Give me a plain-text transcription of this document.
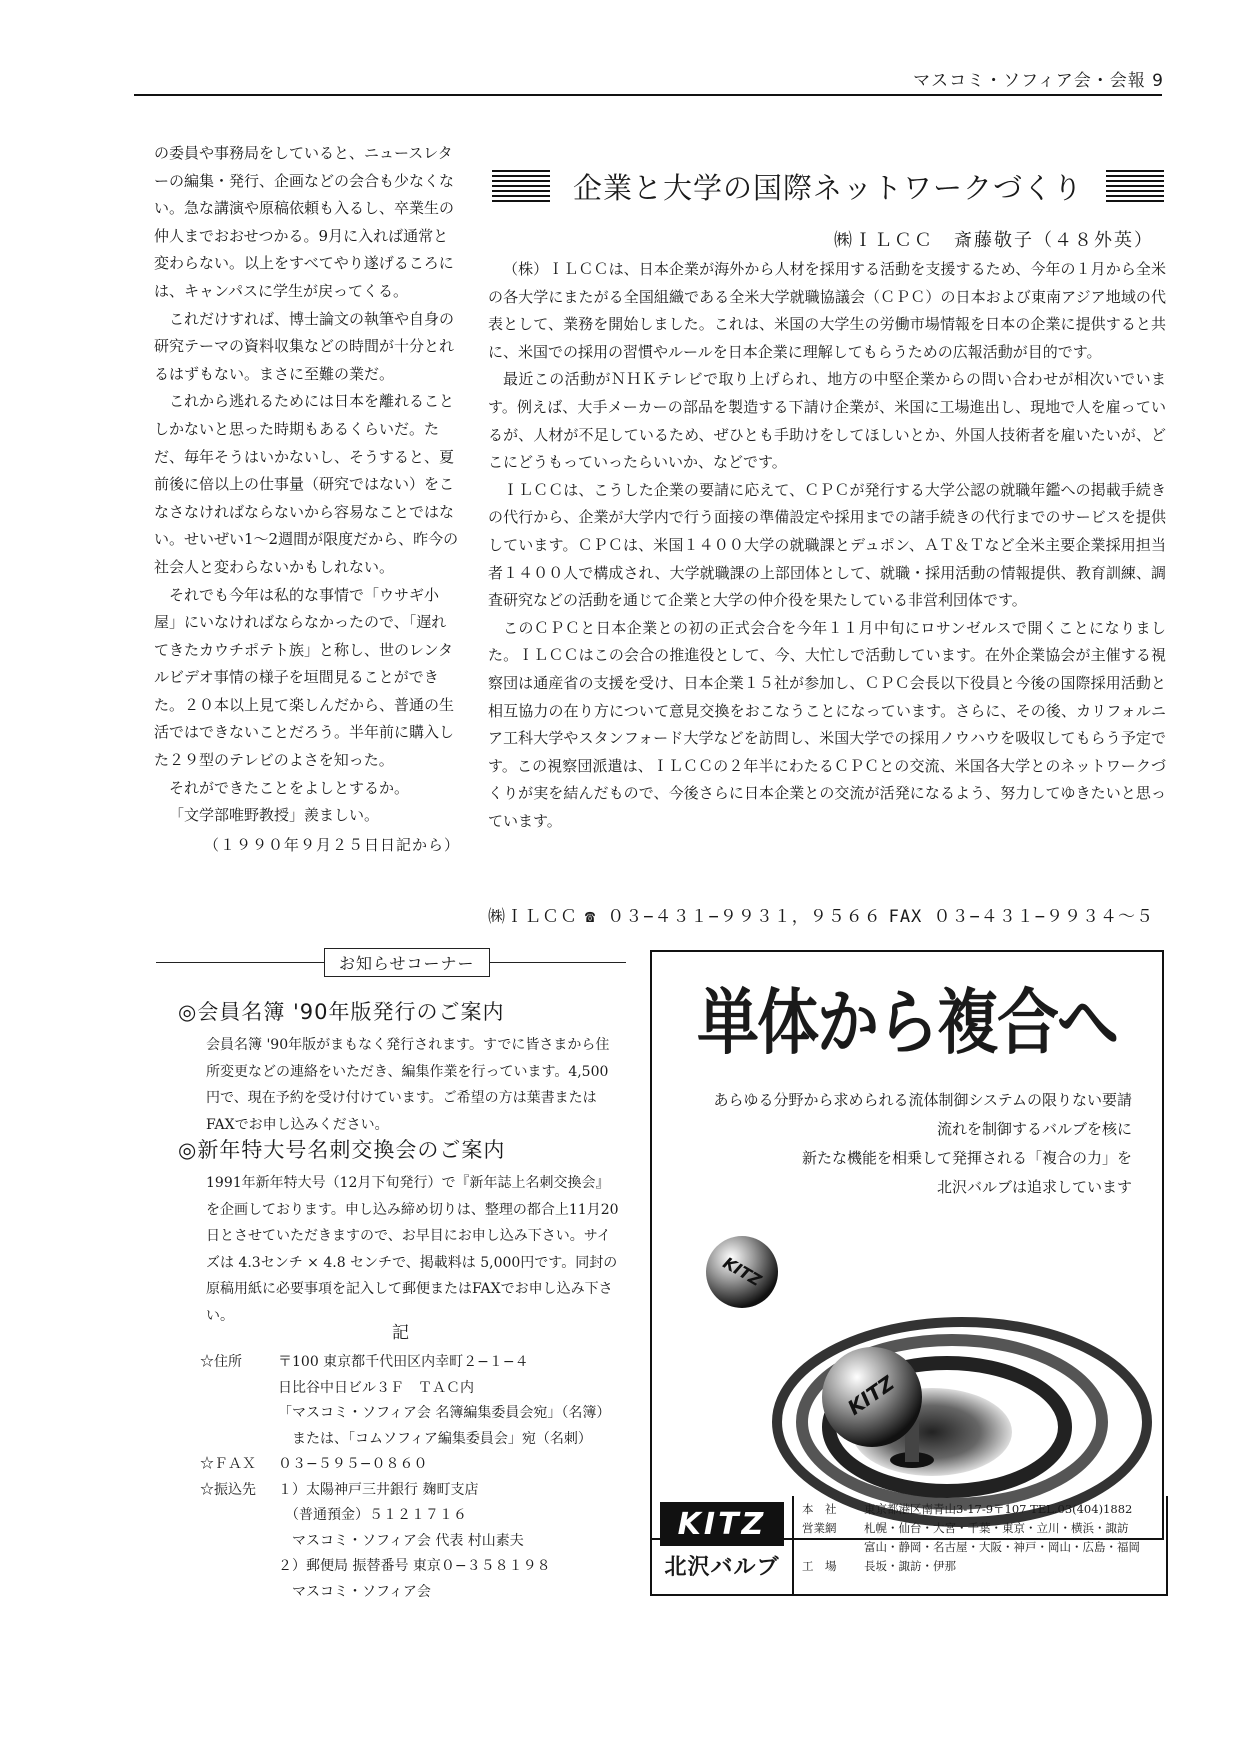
マスコミ・ソフィア会・会報 9

の委員や事務局をしていると、ニュースレターの編集・発行、企画などの会合も少なくない。急な講演や原稿依頼も入るし、卒業生の仲人までおおせつかる。9月に入れば通常と変わらない。以上をすべてやり遂げるころには、キャンパスに学生が戻ってくる。

これだけすれば、博士論文の執筆や自身の研究テーマの資料収集などの時間が十分とれるはずもない。まさに至難の業だ。

これから逃れるためには日本を離れることしかないと思った時期もあるくらいだ。ただ、毎年そうはいかないし、そうすると、夏前後に倍以上の仕事量（研究ではない）をこなさなければならないから容易なことではない。せいぜい1〜2週間が限度だから、昨今の社会人と変わらないかもしれない。

それでも今年は私的な事情で「ウサギ小屋」にいなければならなかったので、「遅れてきたカウチポテト族」と称し、世のレンタルビデオ事情の様子を垣間見ることができた。２０本以上見て楽しんだから、普通の生活ではできないことだろう。半年前に購入した２９型のテレビのよさを知った。

それができたことをよしとするか。

「文学部唯野教授」羨ましい。

（１９９０年９月２５日日記から）
企業と大学の国際ネットワークづくり
㈱ＩＬＣＣ　斎藤敬子（４８外英）

（株）ＩＬＣＣは、日本企業が海外から人材を採用する活動を支援するため、今年の１月から全米の各大学にまたがる全国組織である全米大学就職協議会（ＣＰＣ）の日本および東南アジア地域の代表として、業務を開始しました。これは、米国の大学生の労働市場情報を日本の企業に提供すると共に、米国での採用の習慣やルールを日本企業に理解してもらうための広報活動が目的です。

最近この活動がＮＨＫテレビで取り上げられ、地方の中堅企業からの問い合わせが相次いでいます。例えば、大手メーカーの部品を製造する下請け企業が、米国に工場進出し、現地で人を雇っているが、人材が不足しているため、ぜひとも手助けをしてほしいとか、外国人技術者を雇いたいが、どこにどうもっていったらいいか、などです。

ＩＬＣＣは、こうした企業の要請に応えて、ＣＰＣが発行する大学公認の就職年鑑への掲載手続きの代行から、企業が大学内で行う面接の準備設定や採用までの諸手続きの代行までのサービスを提供しています。ＣＰＣは、米国１４００大学の就職課とデュポン、ＡＴ＆Ｔなど全米主要企業採用担当者１４００人で構成され、大学就職課の上部団体として、就職・採用活動の情報提供、教育訓練、調査研究などの活動を通じて企業と大学の仲介役を果たしている非営利団体です。

このＣＰＣと日本企業との初の正式会合を今年１１月中旬にロサンゼルスで開くことになりました。ＩＬＣＣはこの会合の推進役として、今、大忙しで活動しています。在外企業協会が主催する視察団は通産省の支援を受け、日本企業１５社が参加し、ＣＰＣ会長以下役員と今後の国際採用活動と相互協力の在り方について意見交換をおこなうことになっています。さらに、その後、カリフォルニア工科大学やスタンフォード大学などを訪問し、米国大学での採用ノウハウを吸収してもらう予定です。この視察団派遣は、ＩＬＣＣの２年半にわたるＣＰＣとの交流、米国各大学とのネットワークづくりが実を結んだもので、今後さらに日本企業との交流が活発になるよう、努力してゆきたいと思っています。

㈱ＩＬＣＣ ☎ ０３−４３１−９９３１，９５６６ FAX ０３−４３１−９９３４〜５
お知らせコーナー
◎会員名簿 '90年版発行のご案内
会員名簿 '90年版がまもなく発行されます。すでに皆さまから住所変更などの連絡をいただき、編集作業を行っています。4,500円で、現在予約を受け付けています。ご希望の方は葉書またはFAXでお申し込みください。
◎新年特大号名刺交換会のご案内
1991年新年特大号（12月下旬発行）で『新年誌上名刺交換会』を企画しております。申し込み締め切りは、整理の都合上11月20日とさせていただきますので、お早目にお申し込み下さい。サイズは 4.3センチ × 4.8 センチで、掲載料は 5,000円です。同封の原稿用紙に必要事項を記入して郵便またはFAXでお申し込み下さい。
記
☆住所	〒100 東京都千代田区内幸町２−１−４
日比谷中日ビル３Ｆ　ＴＡＣ内
「マスコミ・ソフィア会 名簿編集委員会宛」（名簿）
　または、「コムソフィア編集委員会」宛（名刺）
☆ＦＡＸ	０３−５９５−０８６０
☆振込先	１）太陽神戸三井銀行 麹町支店
　（普通預金）５１２１７１６
　マスコミ・ソフィア会 代表 村山素夫
２）郵便局 振替番号 東京０−３５８１９８
　マスコミ・ソフィア会
単体から複合へ
あらゆる分野から求められる流体制御システムの限りない要請
流れを制御するバルブを核に
新たな機能を相乗して発揮される「複合の力」を
北沢バルブは追求しています
KITZ
KITZ
KITZ
北沢バルブ
本　社	東京都港区南青山3-17-9〒107 TEL.03(404)1882
営業網	札幌・仙台・大宮・千葉・東京・立川・横浜・諏訪
富山・静岡・名古屋・大阪・神戸・岡山・広島・福岡
工　場	長坂・諏訪・伊那
